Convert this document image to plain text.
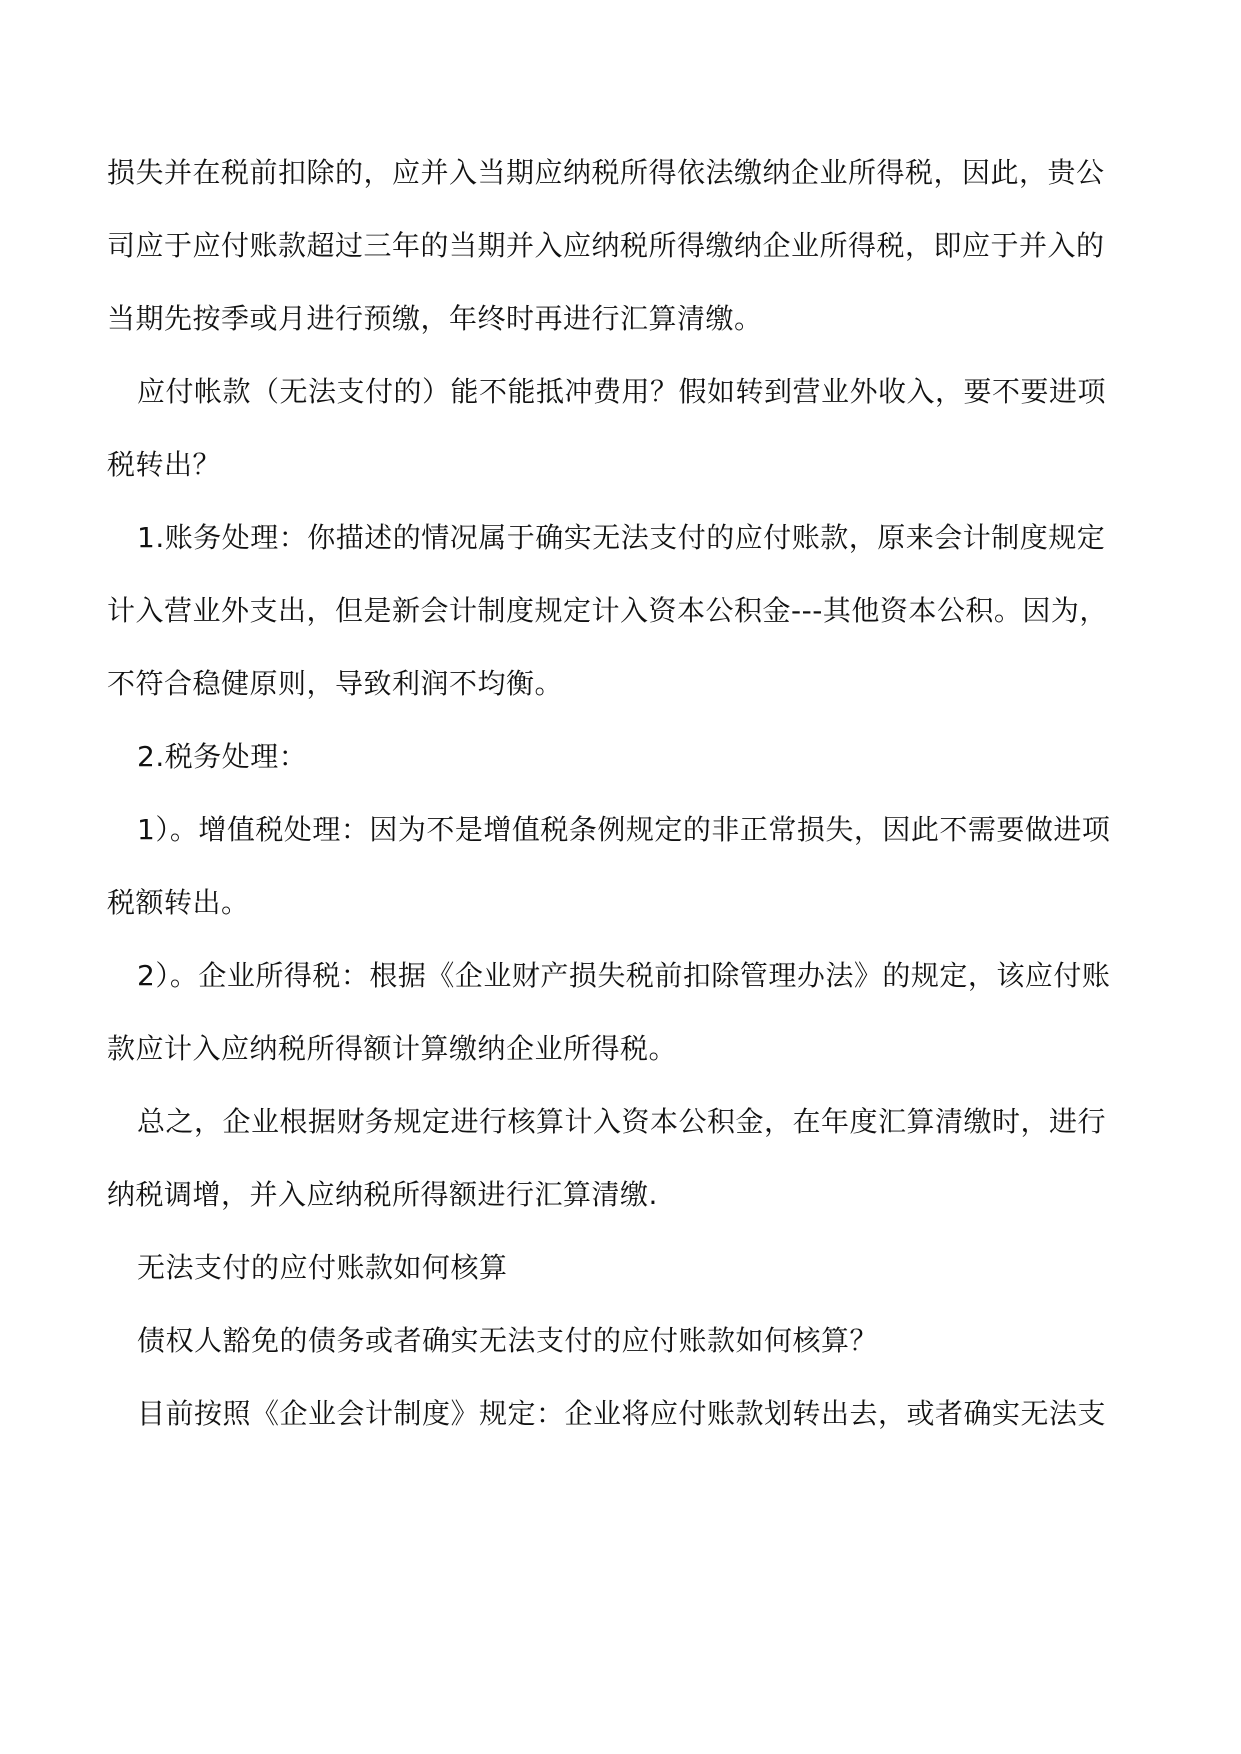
损失并在税前扣除的，应并入当期应纳税所得依法缴纳企业所得税，因此，贵公
司应于应付账款超过三年的当期并入应纳税所得缴纳企业所得税，即应于并入的
当期先按季或月进行预缴，年终时再进行汇算清缴。
应付帐款（无法支付的）能不能抵冲费用？假如转到营业外收入，要不要进项
税转出？
1.账务处理：你描述的情况属于确实无法支付的应付账款，原来会计制度规定
计入营业外支出，但是新会计制度规定计入资本公积金---其他资本公积。因为，
不符合稳健原则，导致利润不均衡。
2.税务处理：
1）。增值税处理：因为不是增值税条例规定的非正常损失，因此不需要做进项
税额转出。
2）。企业所得税：根据《企业财产损失税前扣除管理办法》的规定，该应付账
款应计入应纳税所得额计算缴纳企业所得税。
总之，企业根据财务规定进行核算计入资本公积金，在年度汇算清缴时，进行
纳税调增，并入应纳税所得额进行汇算清缴.
无法支付的应付账款如何核算
债权人豁免的债务或者确实无法支付的应付账款如何核算？
目前按照《企业会计制度》规定：企业将应付账款划转出去，或者确实无法支
